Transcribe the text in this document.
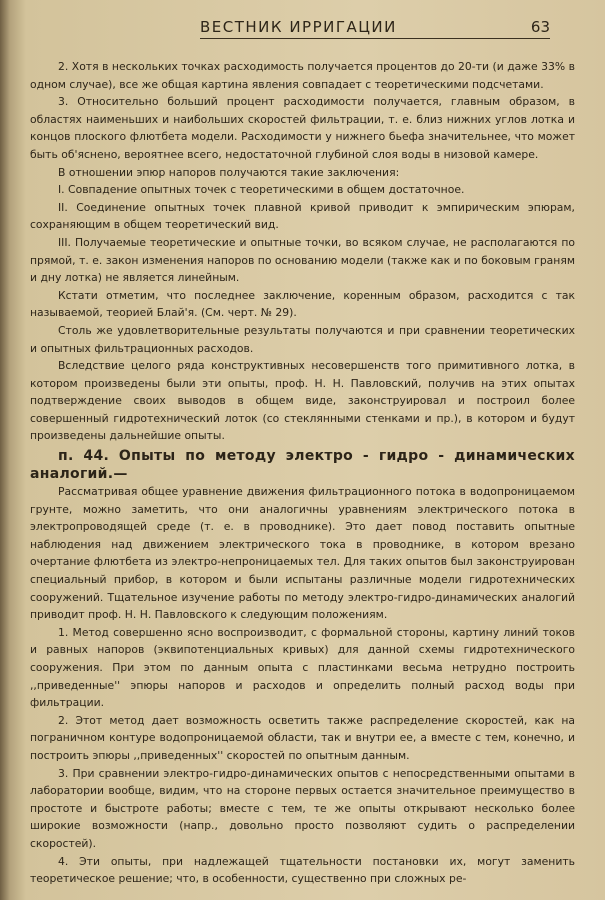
ВЕСТНИК ИРРИГАЦИИ	63

2. Хотя в нескольких точках расходимость получается процентов до 20-ти (и даже 33% в одном случае), все же общая картина явления совпадает с теоретическими подсчетами.

3. Относительно больший процент расходимости получается, главным образом, в областях наименьших и наибольших скоростей фильтрации, т. е. близ нижних углов лотка и концов плоского флютбета модели. Расходимости у нижнего бьефа значительнее, что может быть об'яснено, вероятнее всего, недостаточной глубиной слоя воды в низовой камере.

В отношении эпюр напоров получаются такие заключения:

I. Совпадение опытных точек с теоретическими в общем достаточное.

II. Соединение опытных точек плавной кривой приводит к эмпирическим эпюрам, сохраняющим в общем теоретический вид.

III. Получаемые теоретические и опытные точки, во всяком случае, не располагаются по прямой, т. е. закон изменения напоров по основанию модели (также как и по боковым граням и дну лотка) не является линейным.

Кстати отметим, что последнее заключение, коренным образом, расходится с так называемой, теорией Блай'я. (См. черт. № 29).

Столь же удовлетворительные результаты получаются и при сравнении теоретических и опытных фильтрационных расходов.

Вследствие целого ряда конструктивных несовершенств того примитивного лотка, в котором произведены были эти опыты, проф. Н. Н. Павловский, получив на этих опытах подтверждение своих выводов в общем виде, законструировал и построил более совершенный гидротехнический лоток (со стеклянными стенками и пр.), в котором и будут произведены дальнейшие опыты.

п. 44. Опыты по методу электро - гидро - динамических аналогий.—

Рассматривая общее уравнение движения фильтрационного потока в водопроницаемом грунте, можно заметить, что они аналогичны уравнениям электрического потока в электропроводящей среде (т. е. в проводнике). Это дает повод поставить опытные наблюдения над движением электрического тока в проводнике, в котором врезано очертание флютбета из электро-непроницаемых тел. Для таких опытов был законструирован специальный прибор, в котором и были испытаны различные модели гидротехнических сооружений. Тщательное изучение работы по методу электро-гидро-динамических аналогий приводит проф. Н. Н. Павловского к следующим положениям.

1. Метод совершенно ясно воспроизводит, с формальной стороны, картину линий токов и равных напоров (эквипотенциальных кривых) для данной схемы гидротехнического сооружения. При этом по данным опыта с пластинками весьма нетрудно построить ,,приведенные'' эпюры напоров и расходов и определить полный расход воды при фильтрации.

2. Этот метод дает возможность осветить также распределение скоростей, как на пограничном контуре водопроницаемой области, так и внутри ее, а вместе с тем, конечно, и построить эпюры ,,приведенных'' скоростей по опытным данным.

3. При сравнении электро-гидро-динамических опытов с непосредственными опытами в лаборатории вообще, видим, что на стороне первых остается значительное преимущество в простоте и быстроте работы; вместе с тем, те же опыты открывают несколько более широкие возможности (напр., довольно просто позволяют судить о распределении скоростей).

4. Эти опыты, при надлежащей тщательности постановки их, могут заменить теоретическое решение; что, в особенности, существенно при сложных ре-
